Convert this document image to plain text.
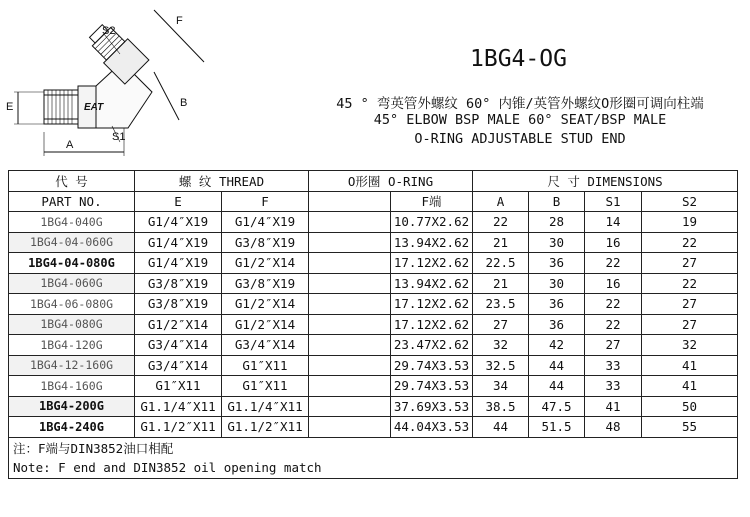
S2
F
E
A
B
S1
EAT
1BG4-OG
45 ° 弯英管外螺纹 60° 内锥/英管外螺纹O形圈可调向柱端
45° ELBOW BSP MALE 60° SEAT/BSP MALE
O-RING ADJUSTABLE STUD END
代 号	螺 纹 THREAD		O形圈 O-RING		尺 寸 DIMENSIONS			
PART NO.	E	F		F端	A	B	S1	S2
1BG4-040G	G1/4″X19	G1/4″X19		10.77X2.62	22	28	14	19
1BG4-04-060G	G1/4″X19	G3/8″X19		13.94X2.62	21	30	16	22
1BG4-04-080G	G1/4″X19	G1/2″X14		17.12X2.62	22.5	36	22	27
1BG4-060G	G3/8″X19	G3/8″X19		13.94X2.62	21	30	16	22
1BG4-06-080G	G3/8″X19	G1/2″X14		17.12X2.62	23.5	36	22	27
1BG4-080G	G1/2″X14	G1/2″X14		17.12X2.62	27	36	22	27
1BG4-120G	G3/4″X14	G3/4″X14		23.47X2.62	32	42	27	32
1BG4-12-160G	G3/4″X14	G1″X11		29.74X3.53	32.5	44	33	41
1BG4-160G	G1″X11	G1″X11		29.74X3.53	34	44	33	41
1BG4-200G	G1.1/4″X11	G1.1/4″X11		37.69X3.53	38.5	47.5	41	50
1BG4-240G	G1.1/2″X11	G1.1/2″X11		44.04X3.53	44	51.5	48	55
注：F端与DIN3852油口相配								
Note: F end and DIN3852 oil opening match								
